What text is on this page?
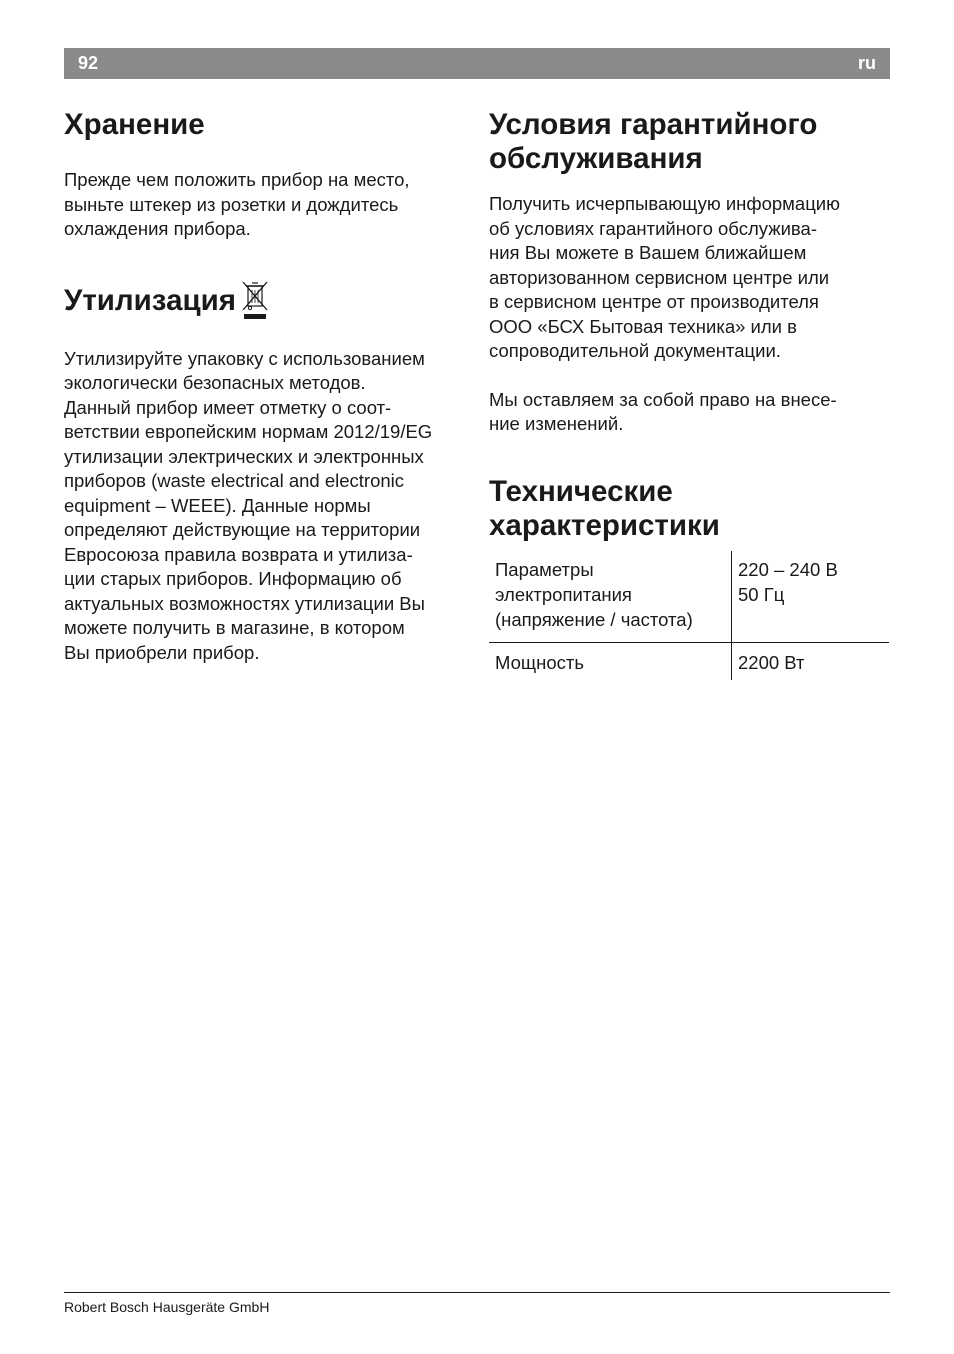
92	ru
Хранение

Прежде чем положить прибор на место,
выньте штекер из розетки и дождитесь
охлаждения прибора.

Утилизация

Утилизируйте упаковку с использованием
экологически безопасных методов.
Данный прибор имеет отметку о соот-
ветствии европейским нормам 2012/19/EG
утилизации электрических и электронных
приборов (waste electrical and electronic
equipment – WEEE). Данные нормы
определяют действующие на территории
Евросоюза правила возврата и утилиза-
ции старых приборов. Информацию об
актуальных возможностях утилизации Вы
можете получить в магазине, в котором
Вы приобрели прибор.

Условия гарантийного
обслуживания

Получить исчерпывающую информацию
об условиях гарантийного обслужива-
ния Вы можете в Вашем ближайшем
авторизованном сервисном центре или
в сервисном центре от производителя
ООО «БСХ Бытовая техника» или в
сопроводительной документации.

Мы оставляем за собой право на внесе-
ние изменений.

Технические
характеристики
Параметры
электропитания
(напряжение / частота)	220 – 240 В
50 Гц
Мощность	2200 Вт
Robert Bosch Hausgeräte GmbH
